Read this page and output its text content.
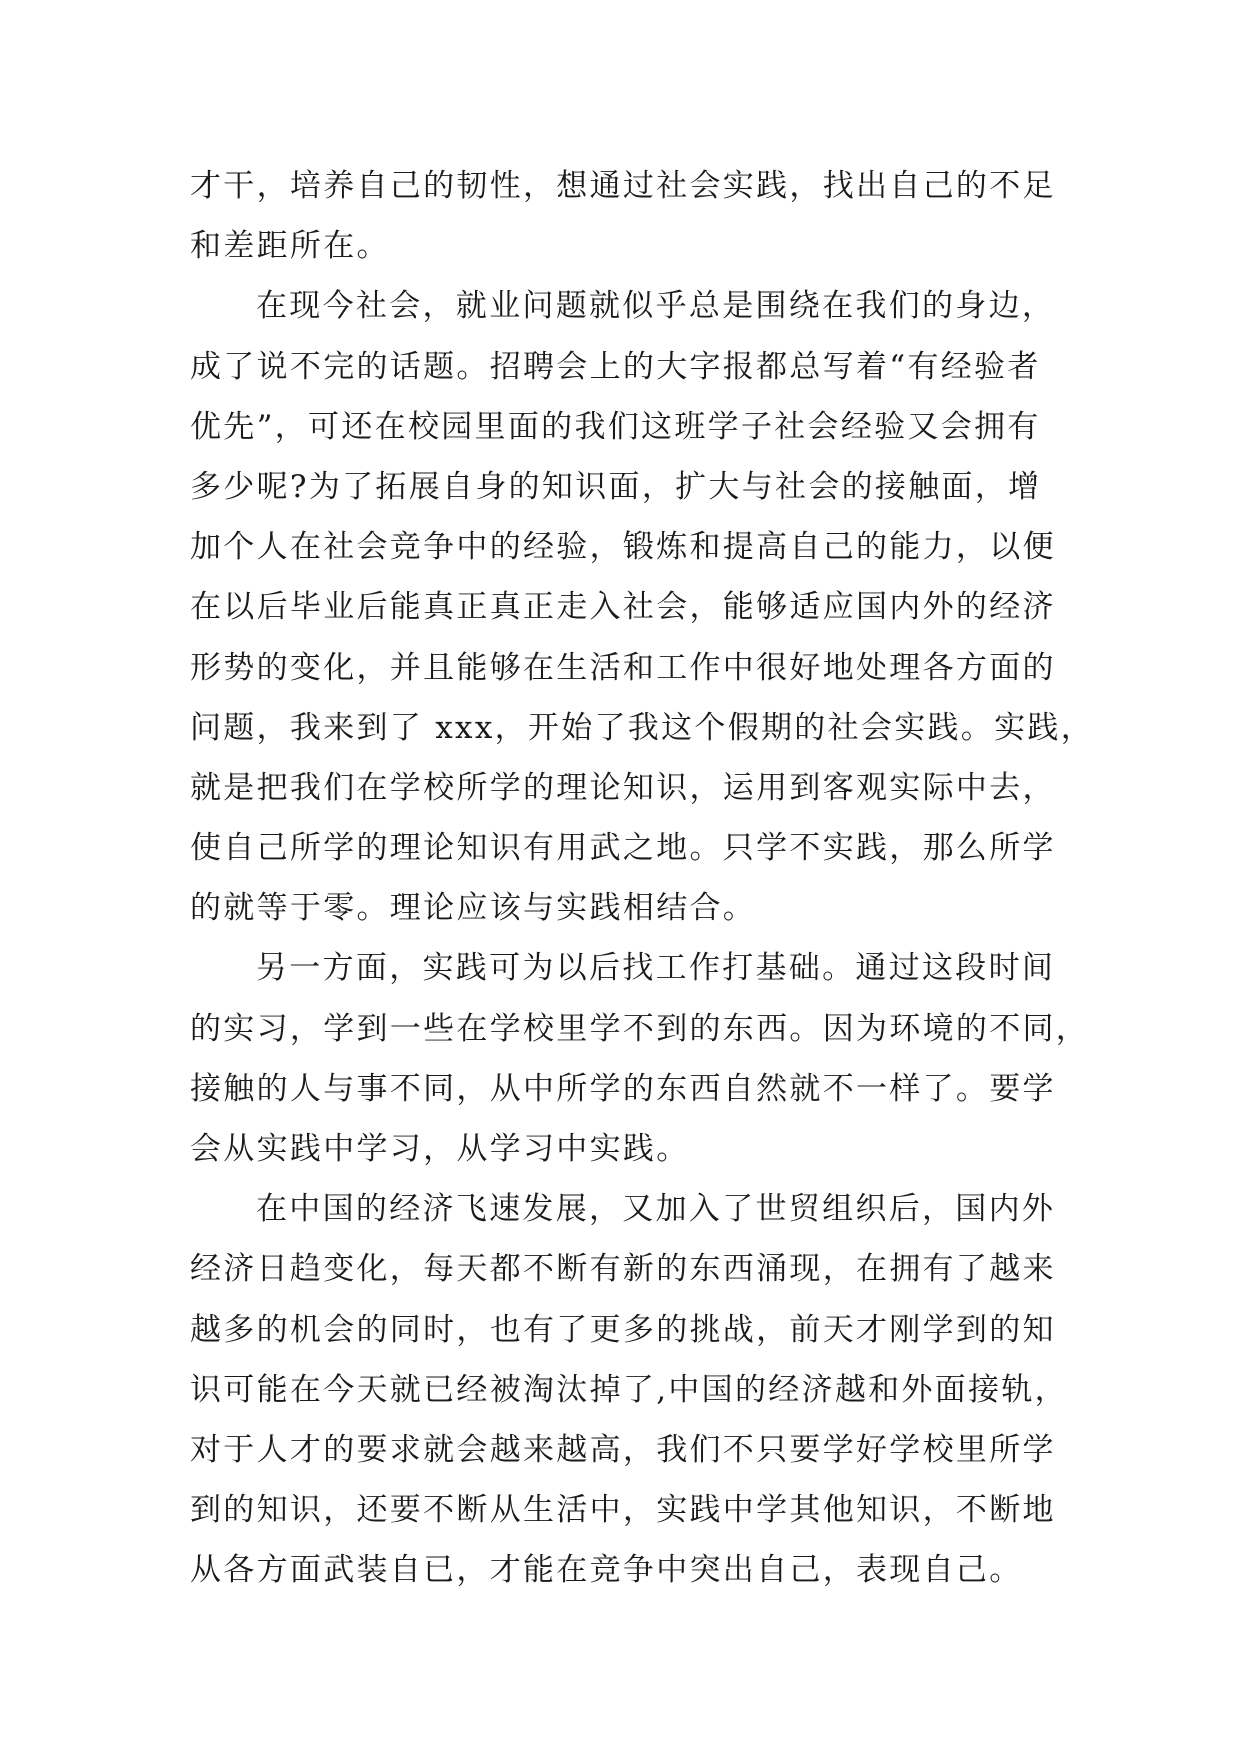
才干，培养自己的韧性，想通过社会实践，找出自己的不足
和差距所在。
在现今社会，就业问题就似乎总是围绕在我们的身边，
成了说不完的话题。招聘会上的大字报都总写着“有经验者
优先”，可还在校园里面的我们这班学子社会经验又会拥有
多少呢?为了拓展自身的知识面，扩大与社会的接触面，增
加个人在社会竞争中的经验，锻炼和提高自己的能力，以便
在以后毕业后能真正真正走入社会，能够适应国内外的经济
形势的变化，并且能够在生活和工作中很好地处理各方面的
问题，我来到了 xxx，开始了我这个假期的社会实践。实践，
就是把我们在学校所学的理论知识，运用到客观实际中去，
使自己所学的理论知识有用武之地。只学不实践，那么所学
的就等于零。理论应该与实践相结合。
另一方面，实践可为以后找工作打基础。通过这段时间
的实习，学到一些在学校里学不到的东西。因为环境的不同，
接触的人与事不同，从中所学的东西自然就不一样了。要学
会从实践中学习，从学习中实践。
在中国的经济飞速发展，又加入了世贸组织后，国内外
经济日趋变化，每天都不断有新的东西涌现，在拥有了越来
越多的机会的同时，也有了更多的挑战，前天才刚学到的知
识可能在今天就已经被淘汰掉了,中国的经济越和外面接轨，
对于人才的要求就会越来越高，我们不只要学好学校里所学
到的知识，还要不断从生活中，实践中学其他知识，不断地
从各方面武装自已，才能在竞争中突出自己，表现自己。
